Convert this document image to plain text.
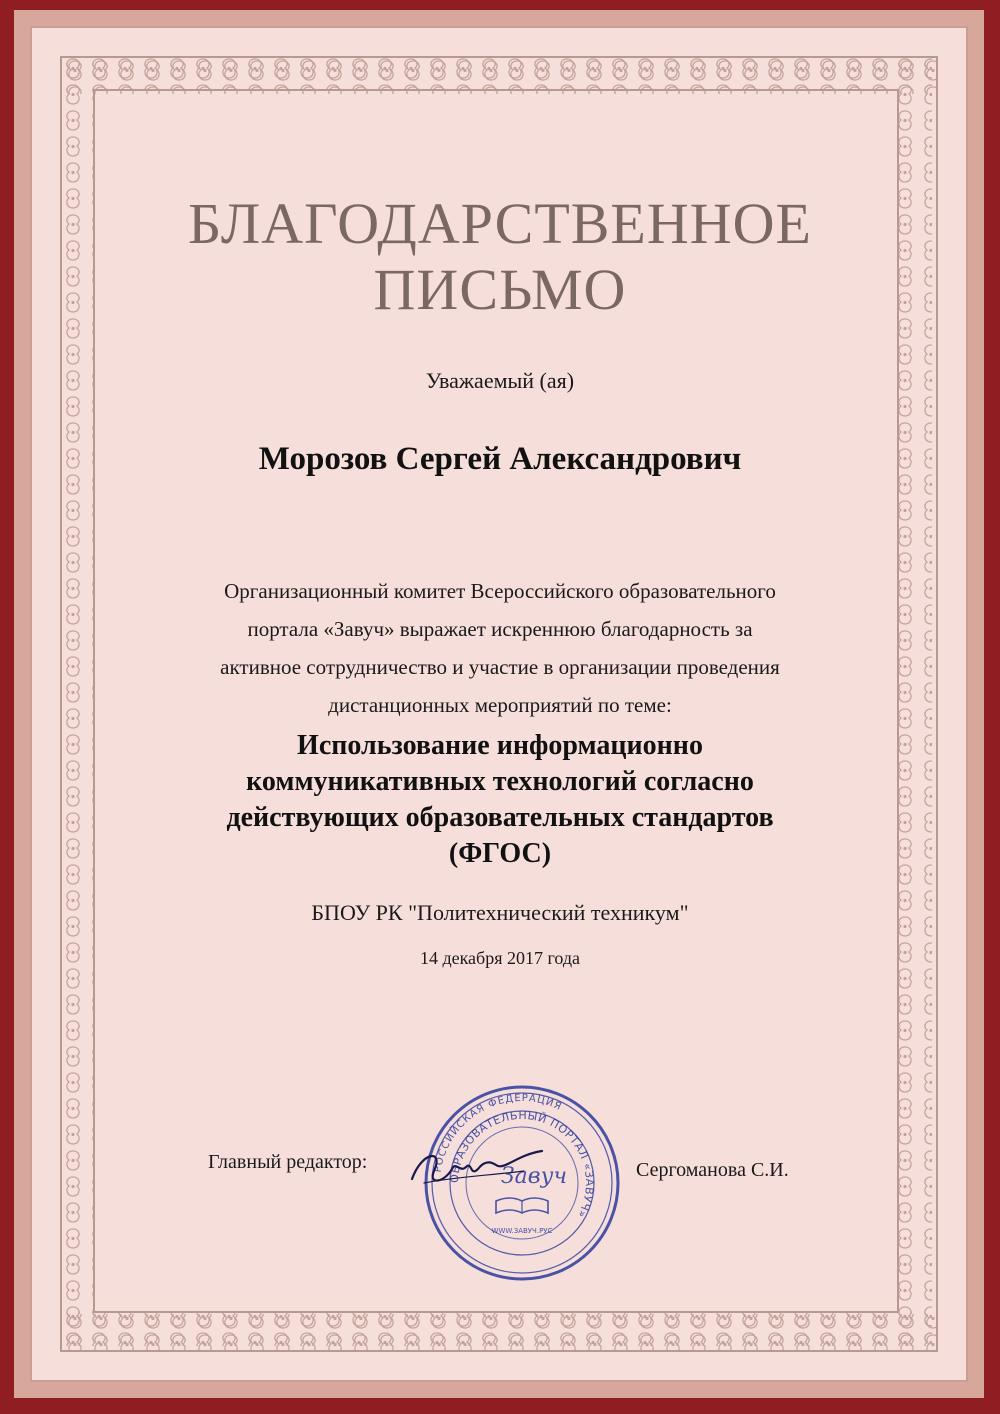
БЛАГОДАРСТВЕННОЕ
ПИСЬМО
Уважаемый (ая)
Морозов Сергей Александрович
Организационный комитет Всероссийского образовательного
портала «Завуч» выражает искреннюю благодарность за
активное сотрудничество и участие в организации проведения
дистанционных мероприятий по теме:
Использование информационно
коммуникативных технологий согласно
действующих образовательных стандартов
(ФГОС)
БПОУ РК "Политехнический техникум"
14 декабря 2017 года
Главный редактор:	РОССИЙСКАЯ ФЕДЕРАЦИЯ
ОБРАЗОВАТЕЛЬНЫЙ ПОРТАЛ «ЗАВУЧ»
Завуч
WWW.ЗАВУЧ.РУС
Сергоманова С.И.
